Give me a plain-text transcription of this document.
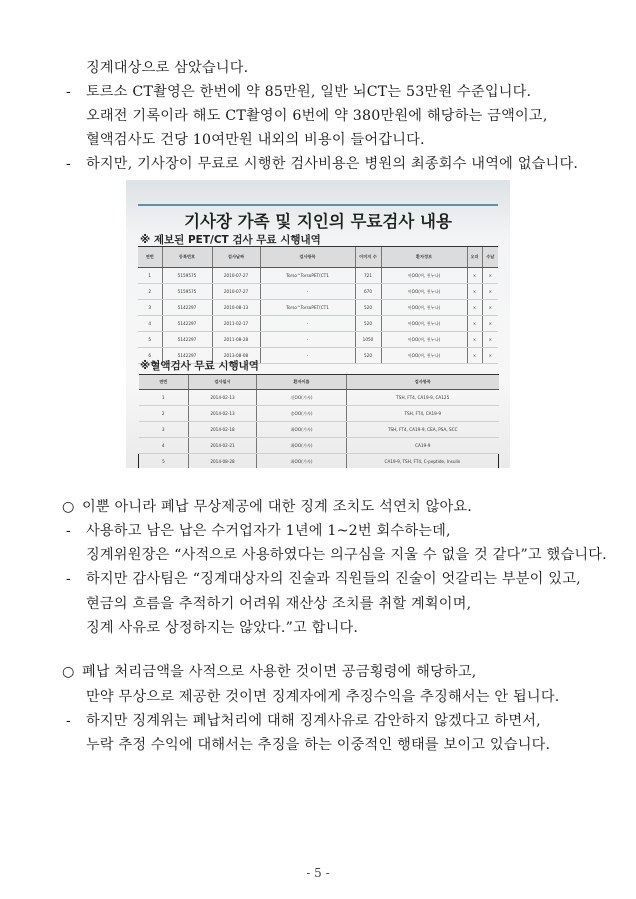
징계대상으로 삼았습니다.
- 토르소 CT촬영은 한번에 약 85만원, 일반 뇌CT는 53만원 수준입니다.
오래전 기록이라 해도 CT촬영이 6번에 약 380만원에 해당하는 금액이고,
혈액검사도 건당 10여만원 내외의 비용이 들어갑니다.
- 하지만, 기사장이 무료로 시행한 검사비용은 병원의 최종회수 내역에 없습니다.
기사장 가족 및 지인의 무료검사 내용
※ 제보된 PET/CT 검사 무료 시행내역
연번	등록번호	검사날짜	검사항목	이미지 수	환자정보	오더	수납
1	5159575	2010-07-27	Torso^TorsoPET(CT1	721	이OO(여, 친누나)	×	×
2	5159575	2010-07-27	-	670	이OO(여, 친누나)	×	×
3	5142297	2010-08-13	Torso^TorsoPET(CT1	520	이OO(여, 친누나)	×	×
4	5142297	2011-02-17	-	520	이OO(여, 친누나)	×	×
5	5142297	2011-08-28	-	1050	이OO(여, 친누나)	×	×
6	5142297	2013-08-08	-	520	이OO(여, 친누나)	×	×
※혈액검사 무료 시행내역
연번	검사일시	환자이름	검사항목
1	2014-02-13	신OO(기사)	TSH, FT4, CA19-9, CA125
2	2014-02-13	송OO(기사)	TSH, FT4, CA19-9
3	2014-02-18	최OO(기사)	TSH, FT4, CA19-9, CEA, PSA, SCC
4	2014-02-21	최OO(기사)	CA19-9
5	2014-08-28	최OO(기사)	CA19-9, TSH, FT4, C-peptide, Insulin
○ 이뿐 아니라 폐납 무상제공에 대한 징계 조치도 석연치 않아요.
- 사용하고 남은 납은 수거업자가 1년에 1~2번 회수하는데,
징계위원장은 “사적으로 사용하였다는 의구심을 지울 수 없을 것 같다”고 했습니다.
- 하지만 감사팀은 “징계대상자의 진술과 직원들의 진술이 엇갈리는 부분이 있고,
현금의 흐름을 추적하기 어려워 재산상 조치를 취할 계획이며,
징계 사유로 상정하지는 않았다.”고 합니다.
○ 폐납 처리금액을 사적으로 사용한 것이면 공금횡령에 해당하고,
만약 무상으로 제공한 것이면 징계자에게 추징수익을 추징해서는 안 됩니다.
- 하지만 징계위는 폐납처리에 대해 징계사유로 감안하지 않겠다고 하면서,
누락 추정 수익에 대해서는 추징을 하는 이중적인 행태를 보이고 있습니다.
- 5 -
